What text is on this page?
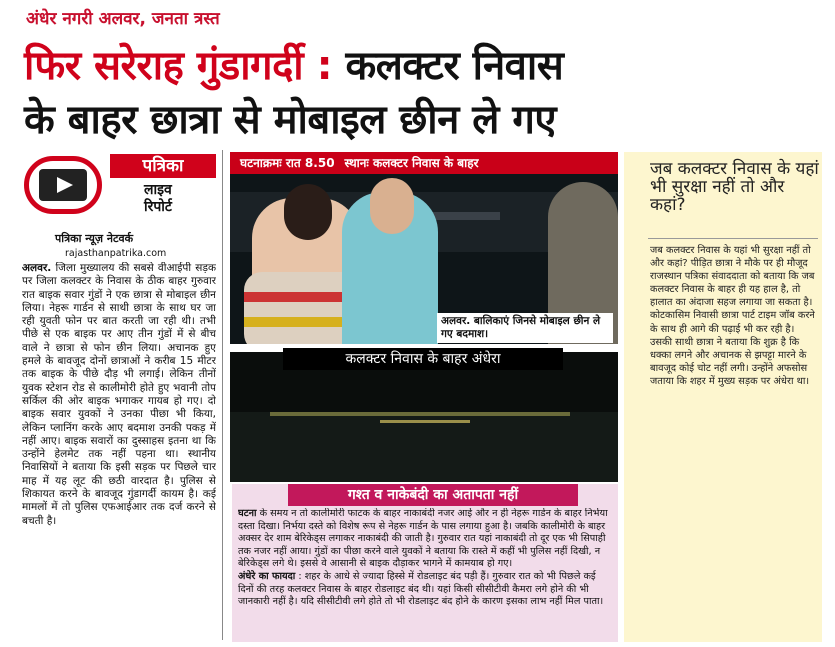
अंधेर नगरी अलवर, जनता त्रस्त
फिर सरेराह गुंडागर्दी : कलक्टर निवास
के बाहर छात्रा से मोबाइल छीन ले गए
पत्रिका
लाइव
रिपोर्ट
पत्रिका न्यूज़ नेटवर्क
rajasthanpatrika.com
अलवर. जिला मुख्यालय की सबसे वीआईपी सड़क पर जिला कलक्टर के निवास के ठीक बाहर गुरुवार रात बाइक सवार गुंडों ने एक छात्रा से मोबाइल छीन लिया। नेहरू गार्डन से साथी छात्रा के साथ घर जा रही युवती फोन पर बात करती जा रही थी। तभी पीछे से एक बाइक पर आए तीन गुंडों में से बीच वाले ने छात्रा से फोन छीन लिया। अचानक हुए हमले के बावजूद दोनों छात्राओं ने करीब 15 मीटर तक बाइक के पीछे दौड़ भी लगाई। लेकिन तीनों युवक स्टेशन रोड से कालीमोरी होते हुए भवानी तोप सर्किल की ओर बाइक भगाकर गायब हो गए। दो बाइक सवार युवकों ने उनका पीछा भी किया, लेकिन प्लानिंग करके आए बदमाश उनकी पकड़ में नहीं आए। बाइक सवारों का दुस्साहस इतना था कि उन्होंने हेलमेट तक नहीं पहना था। स्थानीय निवासियों ने बताया कि इसी सड़क पर पिछले चार माह में यह लूट की छठी वारदात है। पुलिस से शिकायत करने के बावजूद गुंडागर्दी कायम है। कई मामलों में तो पुलिस एफआईआर तक दर्ज करने से बचती है।
घटनाक्रमः रात 8.50 स्थानः कलक्टर निवास के बाहर
अलवर. बालिकाएं जिनसे मोबाइल छीन ले गए बदमाश।
कलक्टर निवास के बाहर अंधेरा
गश्त व नाकेबंदी का अतापता नहीं
घटना के समय न तो कालीमोरी फाटक के बाहर नाकाबंदी नजर आई और न ही नेहरू गार्डन के बाहर निर्भया दस्ता दिखा। निर्भया दस्ते को विशेष रूप से नेहरू गार्डन के पास लगाया हुआ है। जबकि कालीमोरी के बाहर अक्सर देर शाम बेरिकेड्स लगाकर नाकाबंदी की जाती है। गुरुवार रात यहां नाकाबंदी तो दूर एक भी सिपाही तक नजर नहीं आया। गुंडों का पीछा करने वाले युवकों ने बताया कि रास्ते में कहीं भी पुलिस नहीं दिखी, न बेरिकेड्स लगे थे। इससे वे आसानी से बाइक दौड़ाकर भागने में कामयाब हो गए।
अंधेरे का फायदा : शहर के आधे से ज्यादा हिस्से में रोडलाइट बंद पड़ी हैं। गुरुवार रात को भी पिछले कई दिनों की तरह कलक्टर निवास के बाहर रोडलाइट बंद थी। यहां किसी सीसीटीवी कैमरा लगे होने की भी जानकारी नहीं है। यदि सीसीटीवी लगे होते तो भी रोडलाइट बंद होने के कारण इसका लाभ नहीं मिल पाता।
जब कलक्टर निवास के यहां भी सुरक्षा नहीं तो और कहां?
जब कलक्टर निवास के यहां भी सुरक्षा नहीं तो और कहां? पीड़ित छात्रा ने मौके पर ही मौजूद राजस्थान पत्रिका संवाददाता को बताया कि जब कलक्टर निवास के बाहर ही यह हाल है, तो हालात का अंदाजा सहज लगाया जा सकता है। कोटकासिम निवासी छात्रा पार्ट टाइम जॉब करने के साथ ही आगे की पढ़ाई भी कर रही है। उसकी साथी छात्रा ने बताया कि शुक्र है कि धक्का लगने और अचानक से झपट्टा मारने के बावजूद कोई चोट नहीं लगी। उन्होंने अफसोस जताया कि शहर में मुख्य सड़क पर अंधेरा था।
